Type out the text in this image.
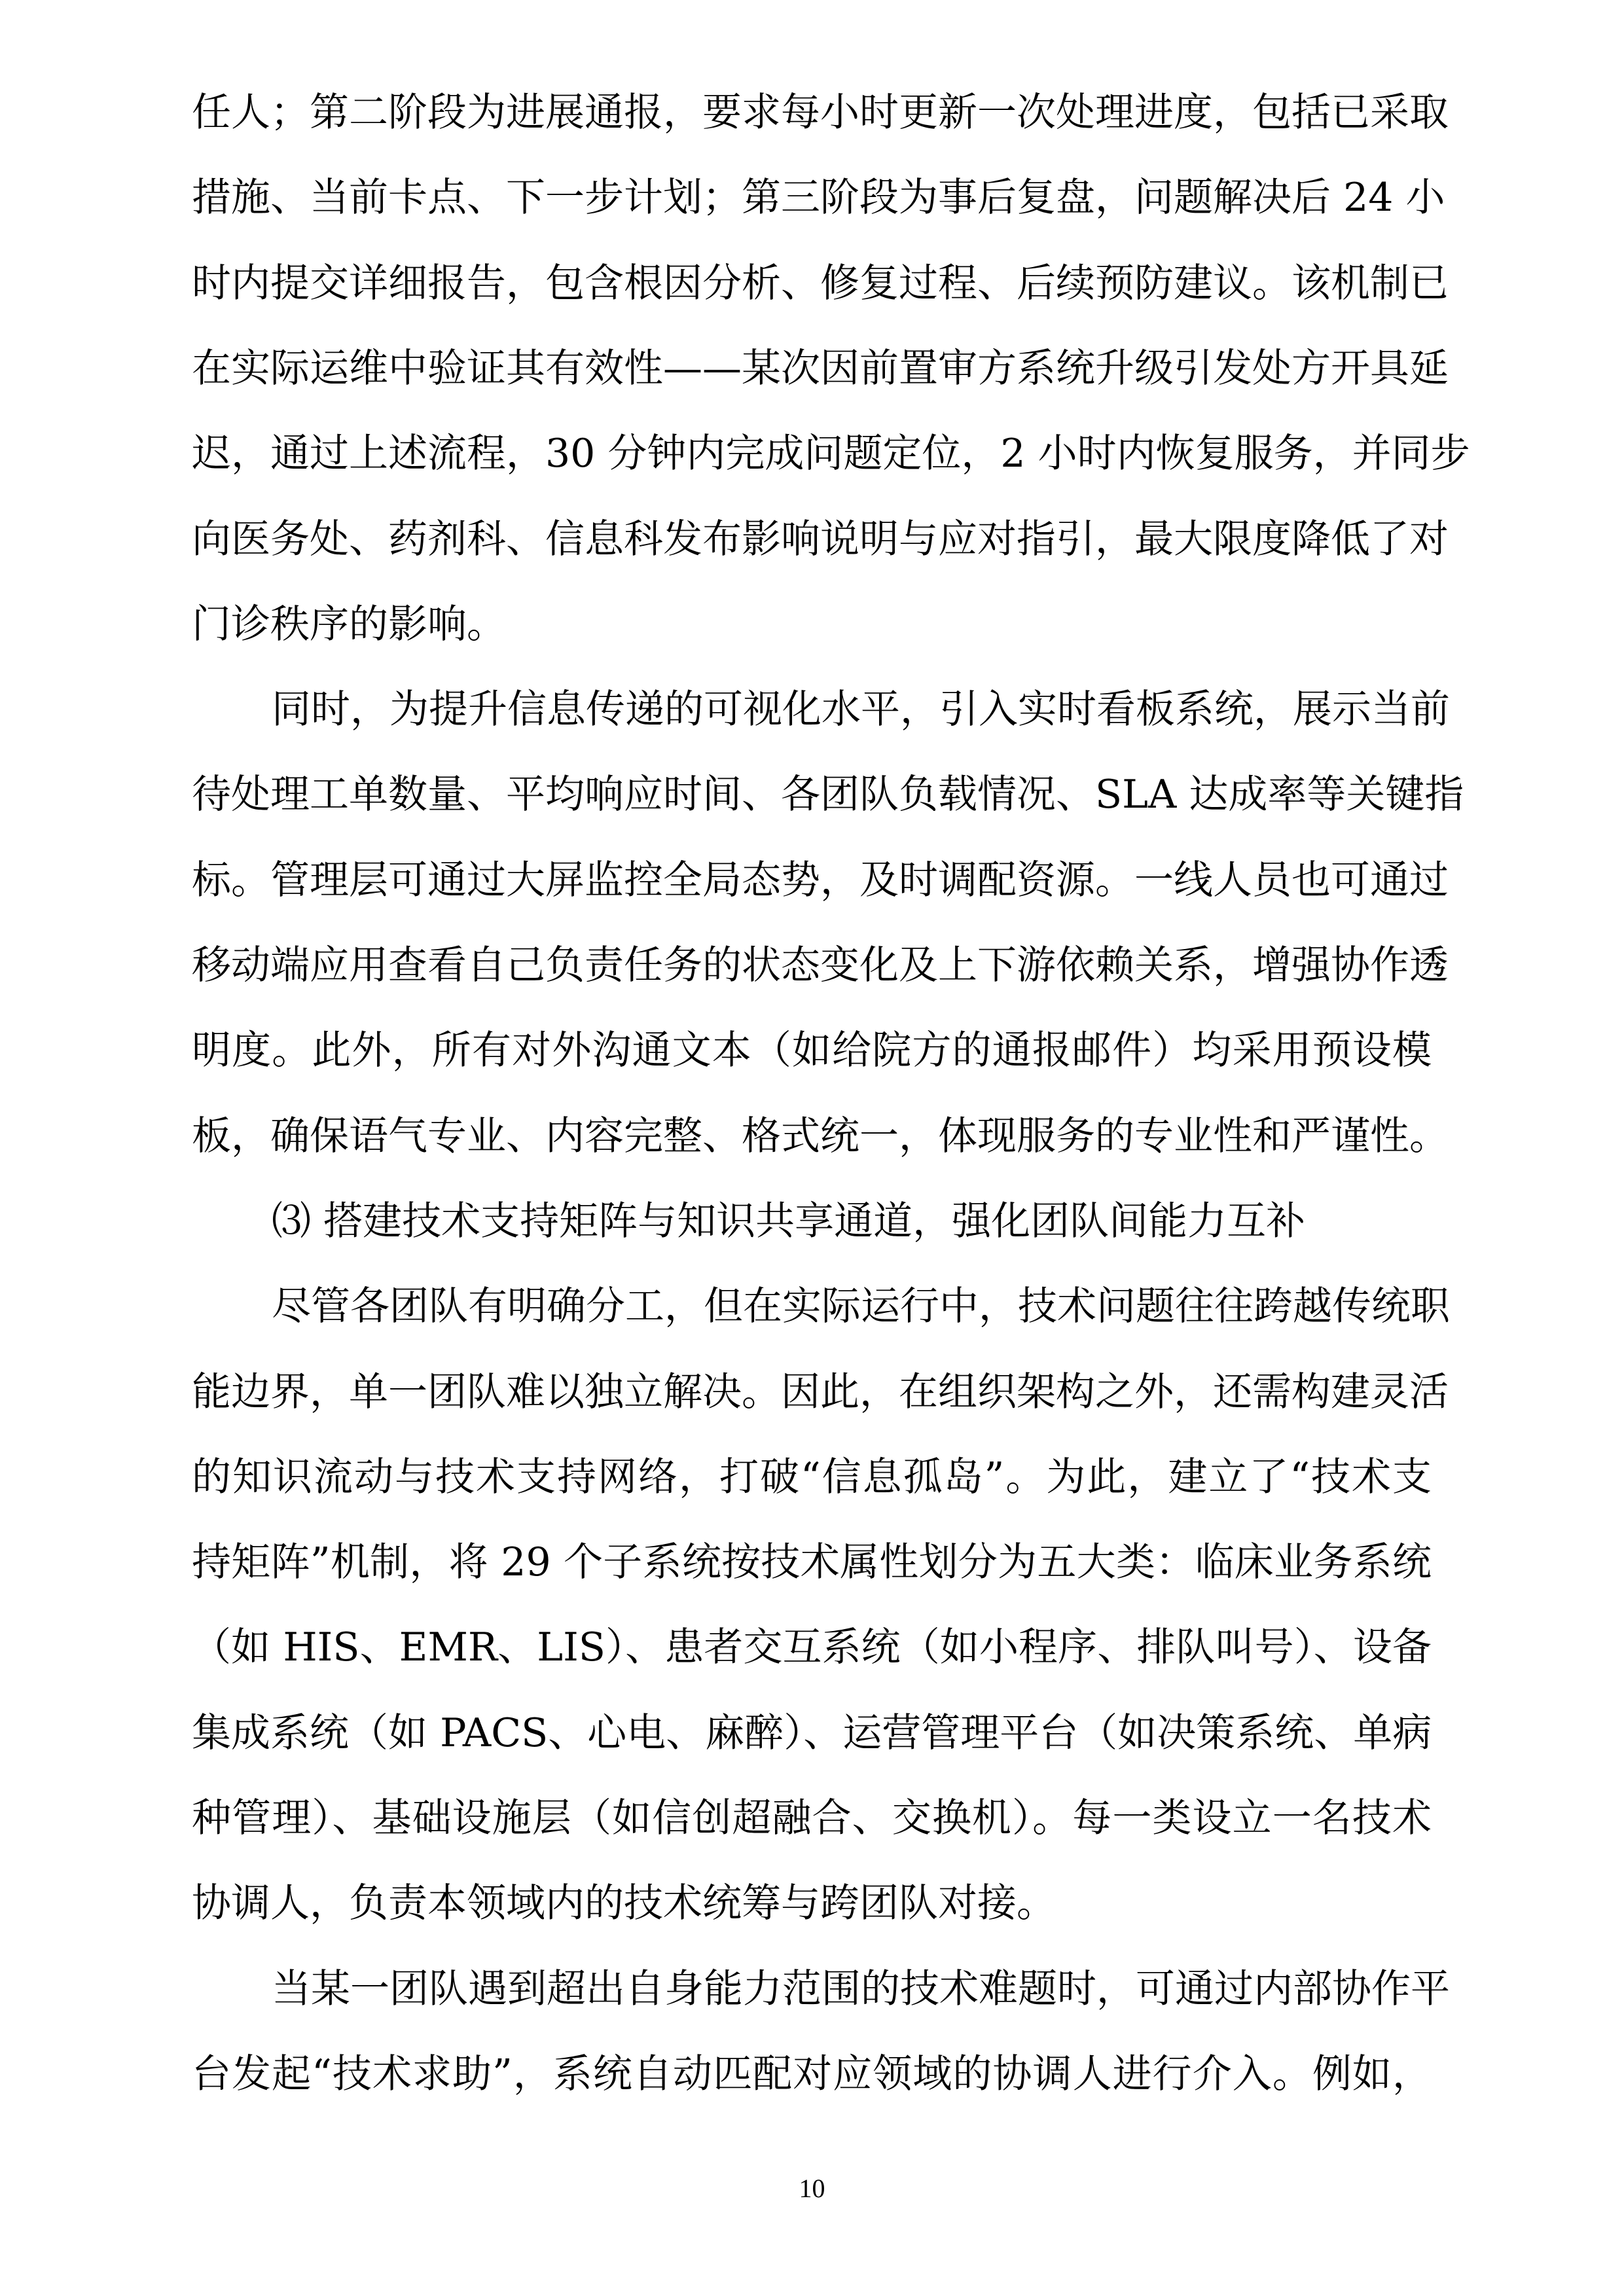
10
任人；第二阶段为进展通报，要求每小时更新一次处理进度，包括已采取
措施、当前卡点、下一步计划；第三阶段为事后复盘，问题解决后 24 小
时内提交详细报告，包含根因分析、修复过程、后续预防建议。该机制已
在实际运维中验证其有效性——某次因前置审方系统升级引发处方开具延
迟，通过上述流程，30 分钟内完成问题定位，2 小时内恢复服务，并同步
向医务处、药剂科、信息科发布影响说明与应对指引，最大限度降低了对
门诊秩序的影响。
同时，为提升信息传递的可视化水平，引入实时看板系统，展示当前
待处理工单数量、平均响应时间、各团队负载情况、SLA 达成率等关键指
标。管理层可通过大屏监控全局态势，及时调配资源。一线人员也可通过
移动端应用查看自己负责任务的状态变化及上下游依赖关系，增强协作透
明度。此外，所有对外沟通文本（如给院方的通报邮件）均采用预设模
板，确保语气专业、内容完整、格式统一，体现服务的专业性和严谨性。
⑶ 搭建技术支持矩阵与知识共享通道，强化团队间能力互补
尽管各团队有明确分工，但在实际运行中，技术问题往往跨越传统职
能边界，单一团队难以独立解决。因此，在组织架构之外，还需构建灵活
的知识流动与技术支持网络，打破“信息孤岛”。为此，建立了“技术支
持矩阵”机制，将 29 个子系统按技术属性划分为五大类：临床业务系统
（如 HIS、EMR、LIS）、患者交互系统（如小程序、排队叫号）、设备
集成系统（如 PACS、心电、麻醉）、运营管理平台（如决策系统、单病
种管理）、基础设施层（如信创超融合、交换机）。每一类设立一名技术
协调人，负责本领域内的技术统筹与跨团队对接。
当某一团队遇到超出自身能力范围的技术难题时，可通过内部协作平
台发起“技术求助”，系统自动匹配对应领域的协调人进行介入。例如，
